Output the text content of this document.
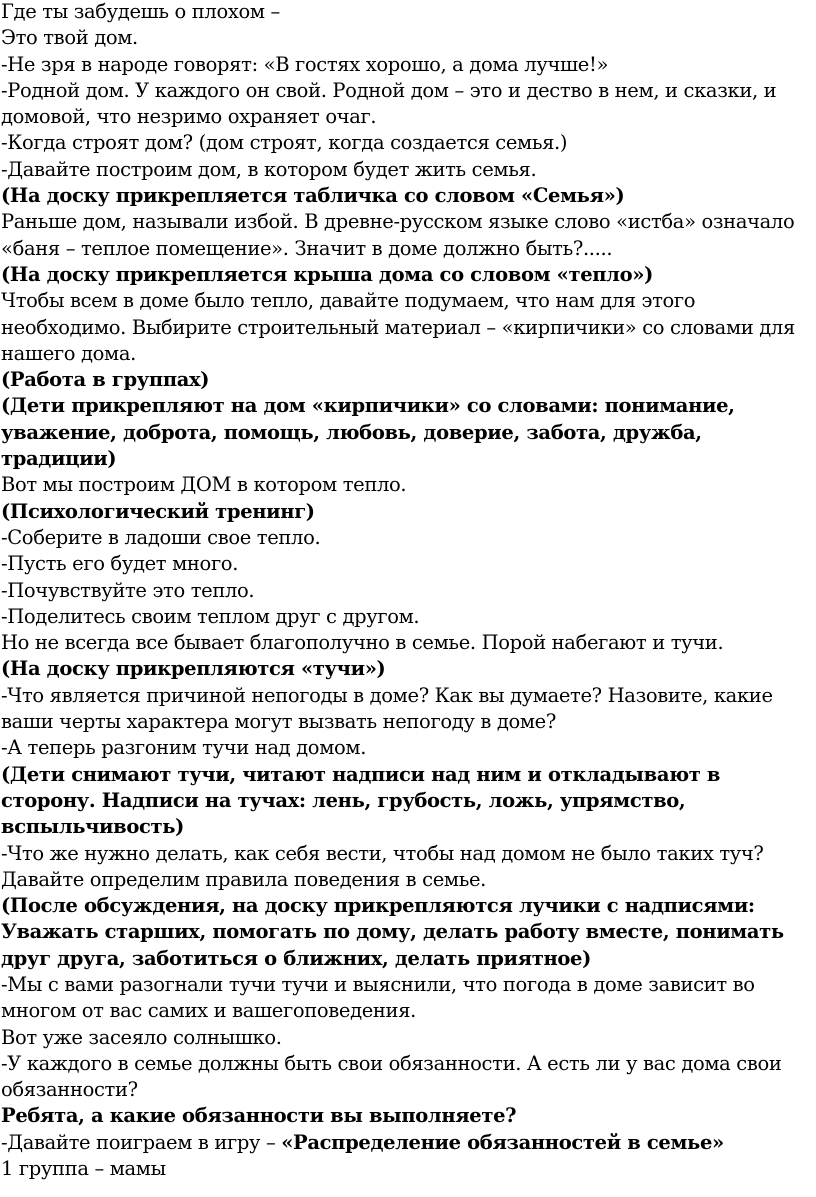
Где ты забудешь о плохом –

Это твой дом.

-Не зря в народе говорят: «В гостях хорошо, а дома лучше!»

-Родной дом. У каждого он свой. Родной дом – это и дество в нем, и сказки, и домовой, что незримо охраняет очаг.

-Когда строят дом? (дом строят, когда создается семья.)

-Давайте построим дом, в котором будет жить семья.

(На доску прикрепляется табличка со словом «Семья»)

Раньше дом, называли избой. В древне-русском языке слово «истба» означало «баня – теплое помещение». Значит в доме должно быть?.....

(На доску прикрепляется крыша дома со словом «тепло»)

Чтобы всем в доме было тепло, давайте подумаем, что нам для этого необходимо. Выбирите строительный материал – «кирпичики» со словами для нашего дома.

(Работа в группах)

(Дети прикрепляют на дом «кирпичики» со словами: понимание, уважение, доброта, помощь, любовь, доверие, забота, дружба, традиции)

Вот мы построим ДОМ в котором тепло.

(Психологический тренинг)

-Соберите в ладоши свое тепло.

-Пусть его будет много.

-Почувствуйте это тепло.

-Поделитесь своим теплом друг с другом.

Но не всегда все бывает благополучно в семье. Порой набегают и тучи.

(На доску прикрепляются «тучи»)

-Что является причиной непогоды в доме? Как вы думаете? Назовите, какие ваши черты характера могут вызвать непогоду в доме?

-А теперь разгоним тучи над домом.

(Дети снимают тучи, читают надписи над ним и откладывают в сторону. Надписи на тучах: лень, грубость, ложь, упрямство, вспыльчивость)

-Что же нужно делать, как себя вести, чтобы над домом не было таких туч? Давайте определим правила поведения в семье.

(После обсуждения, на доску прикрепляются лучики с надписями: Уважать старших, помогать по дому, делать работу вместе, понимать друг друга, заботиться о ближних, делать приятное)

-Мы с вами разогнали тучи тучи и выяснили, что погода в доме зависит во многом от вас самих и вашегоповедения.

Вот уже засеяло солнышко.

-У каждого в семье должны быть свои обязанности. А есть ли у вас дома свои обязанности?

Ребята, а какие обязанности вы выполняете?

-Давайте поиграем в игру – «Распределение обязанностей в семье»

1 группа – мамы
